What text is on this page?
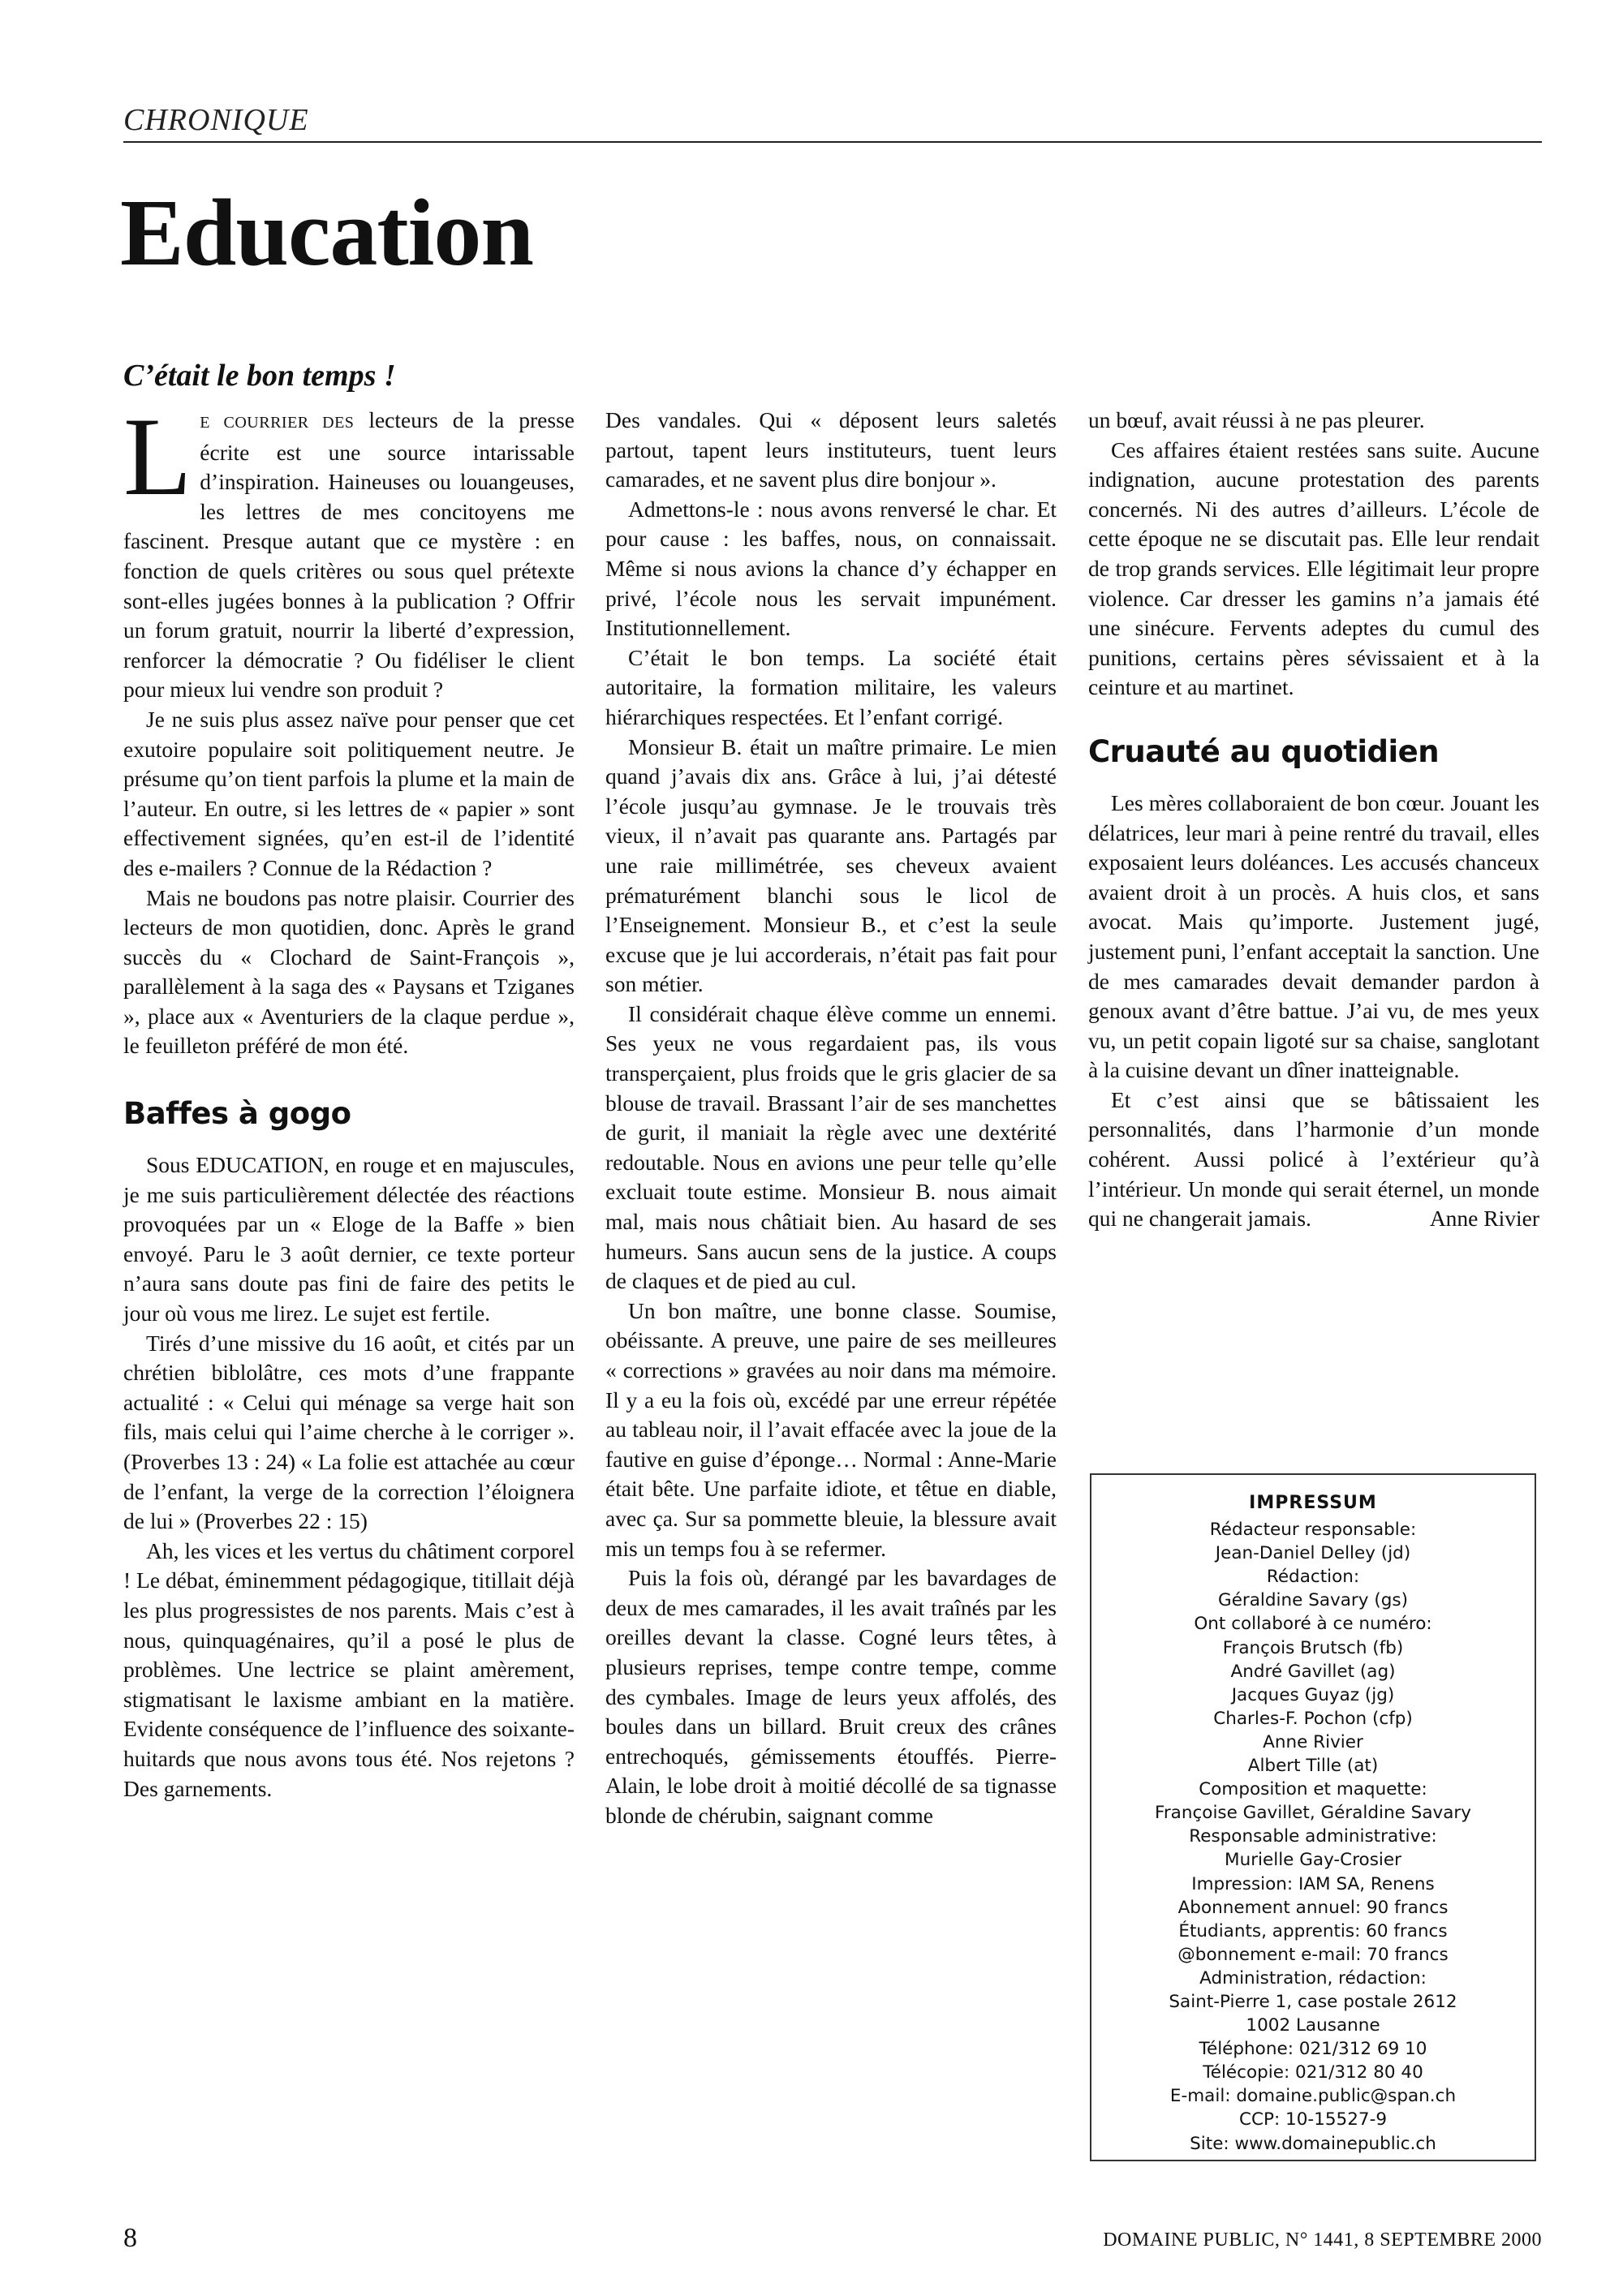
CHRONIQUE
Education
C’était le bon temps !

L E COURRIER DES lecteurs de la presse écrite est une source intarissable d’inspiration. Haineuses ou louangeuses, les lettres de mes concitoyens me fascinent. Presque autant que ce mystère : en fonction de quels critères ou sous quel prétexte sont-elles jugées bonnes à la publication ? Offrir un forum gratuit, nourrir la liberté d’expression, renforcer la démocratie ? Ou fidéliser le client pour mieux lui vendre son produit ?

Je ne suis plus assez naïve pour penser que cet exutoire populaire soit politiquement neutre. Je présume qu’on tient parfois la plume et la main de l’auteur. En outre, si les lettres de « papier » sont effectivement signées, qu’en est-il de l’identité des e-mailers ? Connue de la Rédaction ?

Mais ne boudons pas notre plaisir. Courrier des lecteurs de mon quotidien, donc. Après le grand succès du « Clochard de Saint-François », parallèlement à la saga des « Paysans et Tziganes », place aux « Aventuriers de la claque perdue », le feuilleton préféré de mon été.

Baffes à gogo

Sous EDUCATION, en rouge et en majuscules, je me suis particulièrement délectée des réactions provoquées par un « Eloge de la Baffe » bien envoyé. Paru le 3 août dernier, ce texte porteur n’aura sans doute pas fini de faire des petits le jour où vous me lirez. Le sujet est fertile.

Tirés d’une missive du 16 août, et cités par un chrétien biblolâtre, ces mots d’une frappante actualité : « Celui qui ménage sa verge hait son fils, mais celui qui l’aime cherche à le corriger ». (Proverbes 13 : 24) « La folie est attachée au cœur de l’enfant, la verge de la correction l’éloignera de lui » (Proverbes 22 : 15)

Ah, les vices et les vertus du châtiment corporel ! Le débat, éminemment pédagogique, titillait déjà les plus progressistes de nos parents. Mais c’est à nous, quinquagénaires, qu’il a posé le plus de problèmes. Une lectrice se plaint amèrement, stigmatisant le laxisme ambiant en la matière. Evidente conséquence de l’influence des soixante-huitards que nous avons tous été. Nos rejetons ? Des garnements.

Des vandales. Qui « déposent leurs saletés partout, tapent leurs instituteurs, tuent leurs camarades, et ne savent plus dire bonjour ».

Admettons-le : nous avons renversé le char. Et pour cause : les baffes, nous, on connaissait. Même si nous avions la chance d’y échapper en privé, l’école nous les servait impunément. Institutionnellement.

C’était le bon temps. La société était autoritaire, la formation militaire, les valeurs hiérarchiques respectées. Et l’enfant corrigé.

Monsieur B. était un maître primaire. Le mien quand j’avais dix ans. Grâce à lui, j’ai détesté l’école jusqu’au gymnase. Je le trouvais très vieux, il n’avait pas quarante ans. Partagés par une raie millimétrée, ses cheveux avaient prématurément blanchi sous le licol de l’Enseignement. Monsieur B., et c’est la seule excuse que je lui accorderais, n’était pas fait pour son métier.

Il considérait chaque élève comme un ennemi. Ses yeux ne vous regardaient pas, ils vous transperçaient, plus froids que le gris glacier de sa blouse de travail. Brassant l’air de ses manchettes de gurit, il maniait la règle avec une dextérité redoutable. Nous en avions une peur telle qu’elle excluait toute estime. Monsieur B. nous aimait mal, mais nous châtiait bien. Au hasard de ses humeurs. Sans aucun sens de la justice. A coups de claques et de pied au cul.

Un bon maître, une bonne classe. Soumise, obéissante. A preuve, une paire de ses meilleures « corrections » gravées au noir dans ma mémoire. Il y a eu la fois où, excédé par une erreur répétée au tableau noir, il l’avait effacée avec la joue de la fautive en guise d’éponge… Normal : Anne-Marie était bête. Une parfaite idiote, et têtue en diable, avec ça. Sur sa pommette bleuie, la blessure avait mis un temps fou à se refermer.

Puis la fois où, dérangé par les bavardages de deux de mes camarades, il les avait traînés par les oreilles devant la classe. Cogné leurs têtes, à plusieurs reprises, tempe contre tempe, comme des cymbales. Image de leurs yeux affolés, des boules dans un billard. Bruit creux des crânes entrechoqués, gémissements étouffés. Pierre-Alain, le lobe droit à moitié décollé de sa tignasse blonde de chérubin, saignant comme

un bœuf, avait réussi à ne pas pleurer.

Ces affaires étaient restées sans suite. Aucune indignation, aucune protestation des parents concernés. Ni des autres d’ailleurs. L’école de cette époque ne se discutait pas. Elle leur rendait de trop grands services. Elle légitimait leur propre violence. Car dresser les gamins n’a jamais été une sinécure. Fervents adeptes du cumul des punitions, certains pères sévissaient et à la ceinture et au martinet.

Cruauté au quotidien

Les mères collaboraient de bon cœur. Jouant les délatrices, leur mari à peine rentré du travail, elles exposaient leurs doléances. Les accusés chanceux avaient droit à un procès. A huis clos, et sans avocat. Mais qu’importe. Justement jugé, justement puni, l’enfant acceptait la sanction. Une de mes camarades devait demander pardon à genoux avant d’être battue. J’ai vu, de mes yeux vu, un petit copain ligoté sur sa chaise, sanglotant à la cuisine devant un dîner inatteignable.

Et c’est ainsi que se bâtissaient les personnalités, dans l’harmonie d’un monde cohérent. Aussi policé à l’extérieur qu’à l’intérieur. Un monde qui serait éternel, un monde qui ne changerait jamais.	Anne Rivier

IMPRESSUM
Rédacteur responsable:
Jean-Daniel Delley (jd)
Rédaction:
Géraldine Savary (gs)
Ont collaboré à ce numéro:
François Brutsch (fb)
André Gavillet (ag)
Jacques Guyaz (jg)
Charles-F. Pochon (cfp)
Anne Rivier
Albert Tille (at)
Composition et maquette:
Françoise Gavillet, Géraldine Savary
Responsable administrative:
Murielle Gay-Crosier
Impression: IAM SA, Renens
Abonnement annuel: 90 francs
Étudiants, apprentis: 60 francs
@bonnement e-mail: 70 francs
Administration, rédaction:
Saint-Pierre 1, case postale 2612
1002 Lausanne
Téléphone: 021/312 69 10
Télécopie: 021/312 80 40
E-mail: domaine.public@span.ch
CCP: 10-15527-9
Site: www.domainepublic.ch
8	DOMAINE PUBLIC, N° 1441, 8 SEPTEMBRE 2000
